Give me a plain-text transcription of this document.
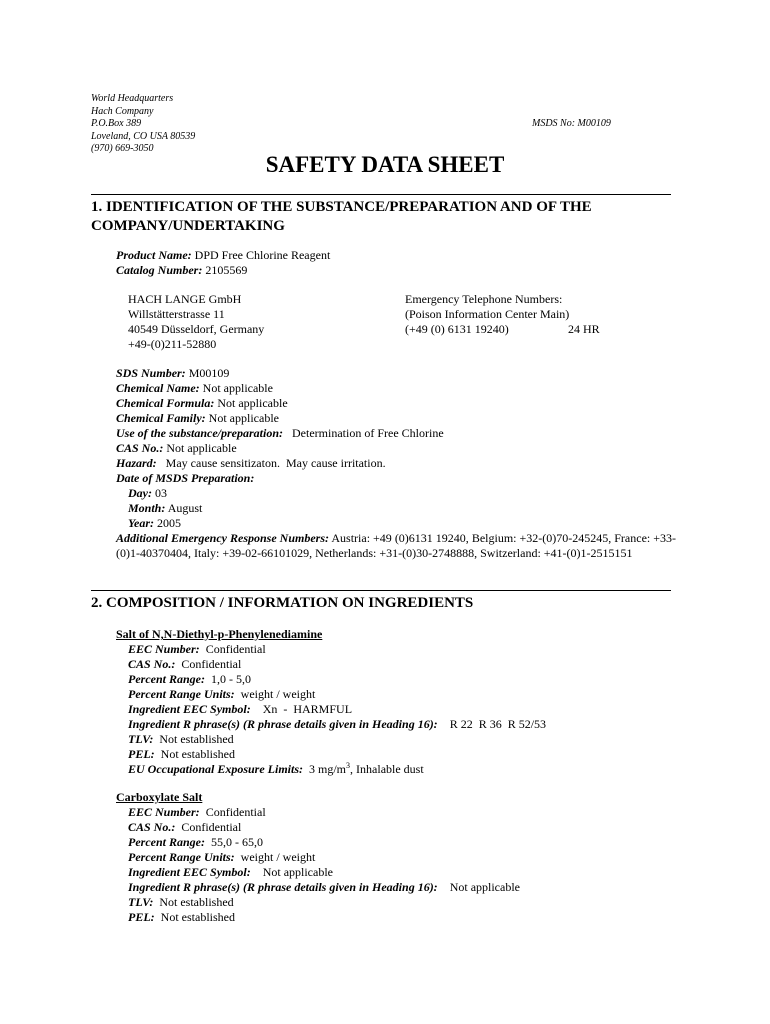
World Headquarters
Hach Company
P.O.Box 389
Loveland, CO USA 80539
(970) 669-3050
MSDS No: M00109
SAFETY DATA SHEET
1. IDENTIFICATION OF THE SUBSTANCE/PREPARATION AND OF THE
COMPANY/UNDERTAKING
Product Name: DPD Free Chlorine Reagent
Catalog Number: 2105569
HACH LANGE GmbH
Willstätterstrasse 11
40549 Düsseldorf, Germany
+49-(0)211-52880
Emergency Telephone Numbers:
(Poison Information Center Main)
(+49 (0) 6131 19240)	24 HR
SDS Number: M00109
Chemical Name: Not applicable
Chemical Formula: Not applicable
Chemical Family: Not applicable
Use of the substance/preparation:   Determination of Free Chlorine
CAS No.: Not applicable
Hazard:   May cause sensitizaton.  May cause irritation.
Date of MSDS Preparation:
Day: 03
Month: August
Year: 2005
Additional Emergency Response Numbers: Austria: +49 (0)6131 19240, Belgium: +32-(0)70-245245, France: +33-(0)1-40370404, Italy: +39-02-66101029, Netherlands: +31-(0)30-2748888, Switzerland: +41-(0)1-2515151
2. COMPOSITION / INFORMATION ON INGREDIENTS
Salt of N,N-Diethyl-p-Phenylenediamine
EEC Number:  Confidential
CAS No.:  Confidential
Percent Range:  1,0 - 5,0
Percent Range Units:  weight / weight
Ingredient EEC Symbol:    Xn  -  HARMFUL
Ingredient R phrase(s) (R phrase details given in Heading 16):    R 22  R 36  R 52/53
TLV:  Not established
PEL:  Not established
EU Occupational Exposure Limits:  3 $mg/m^3$, Inhalable dust
Carboxylate Salt
EEC Number:  Confidential
CAS No.:  Confidential
Percent Range:  55,0 - 65,0
Percent Range Units:  weight / weight
Ingredient EEC Symbol:    Not applicable
Ingredient R phrase(s) (R phrase details given in Heading 16):    Not applicable
TLV:  Not established
PEL:  Not established
